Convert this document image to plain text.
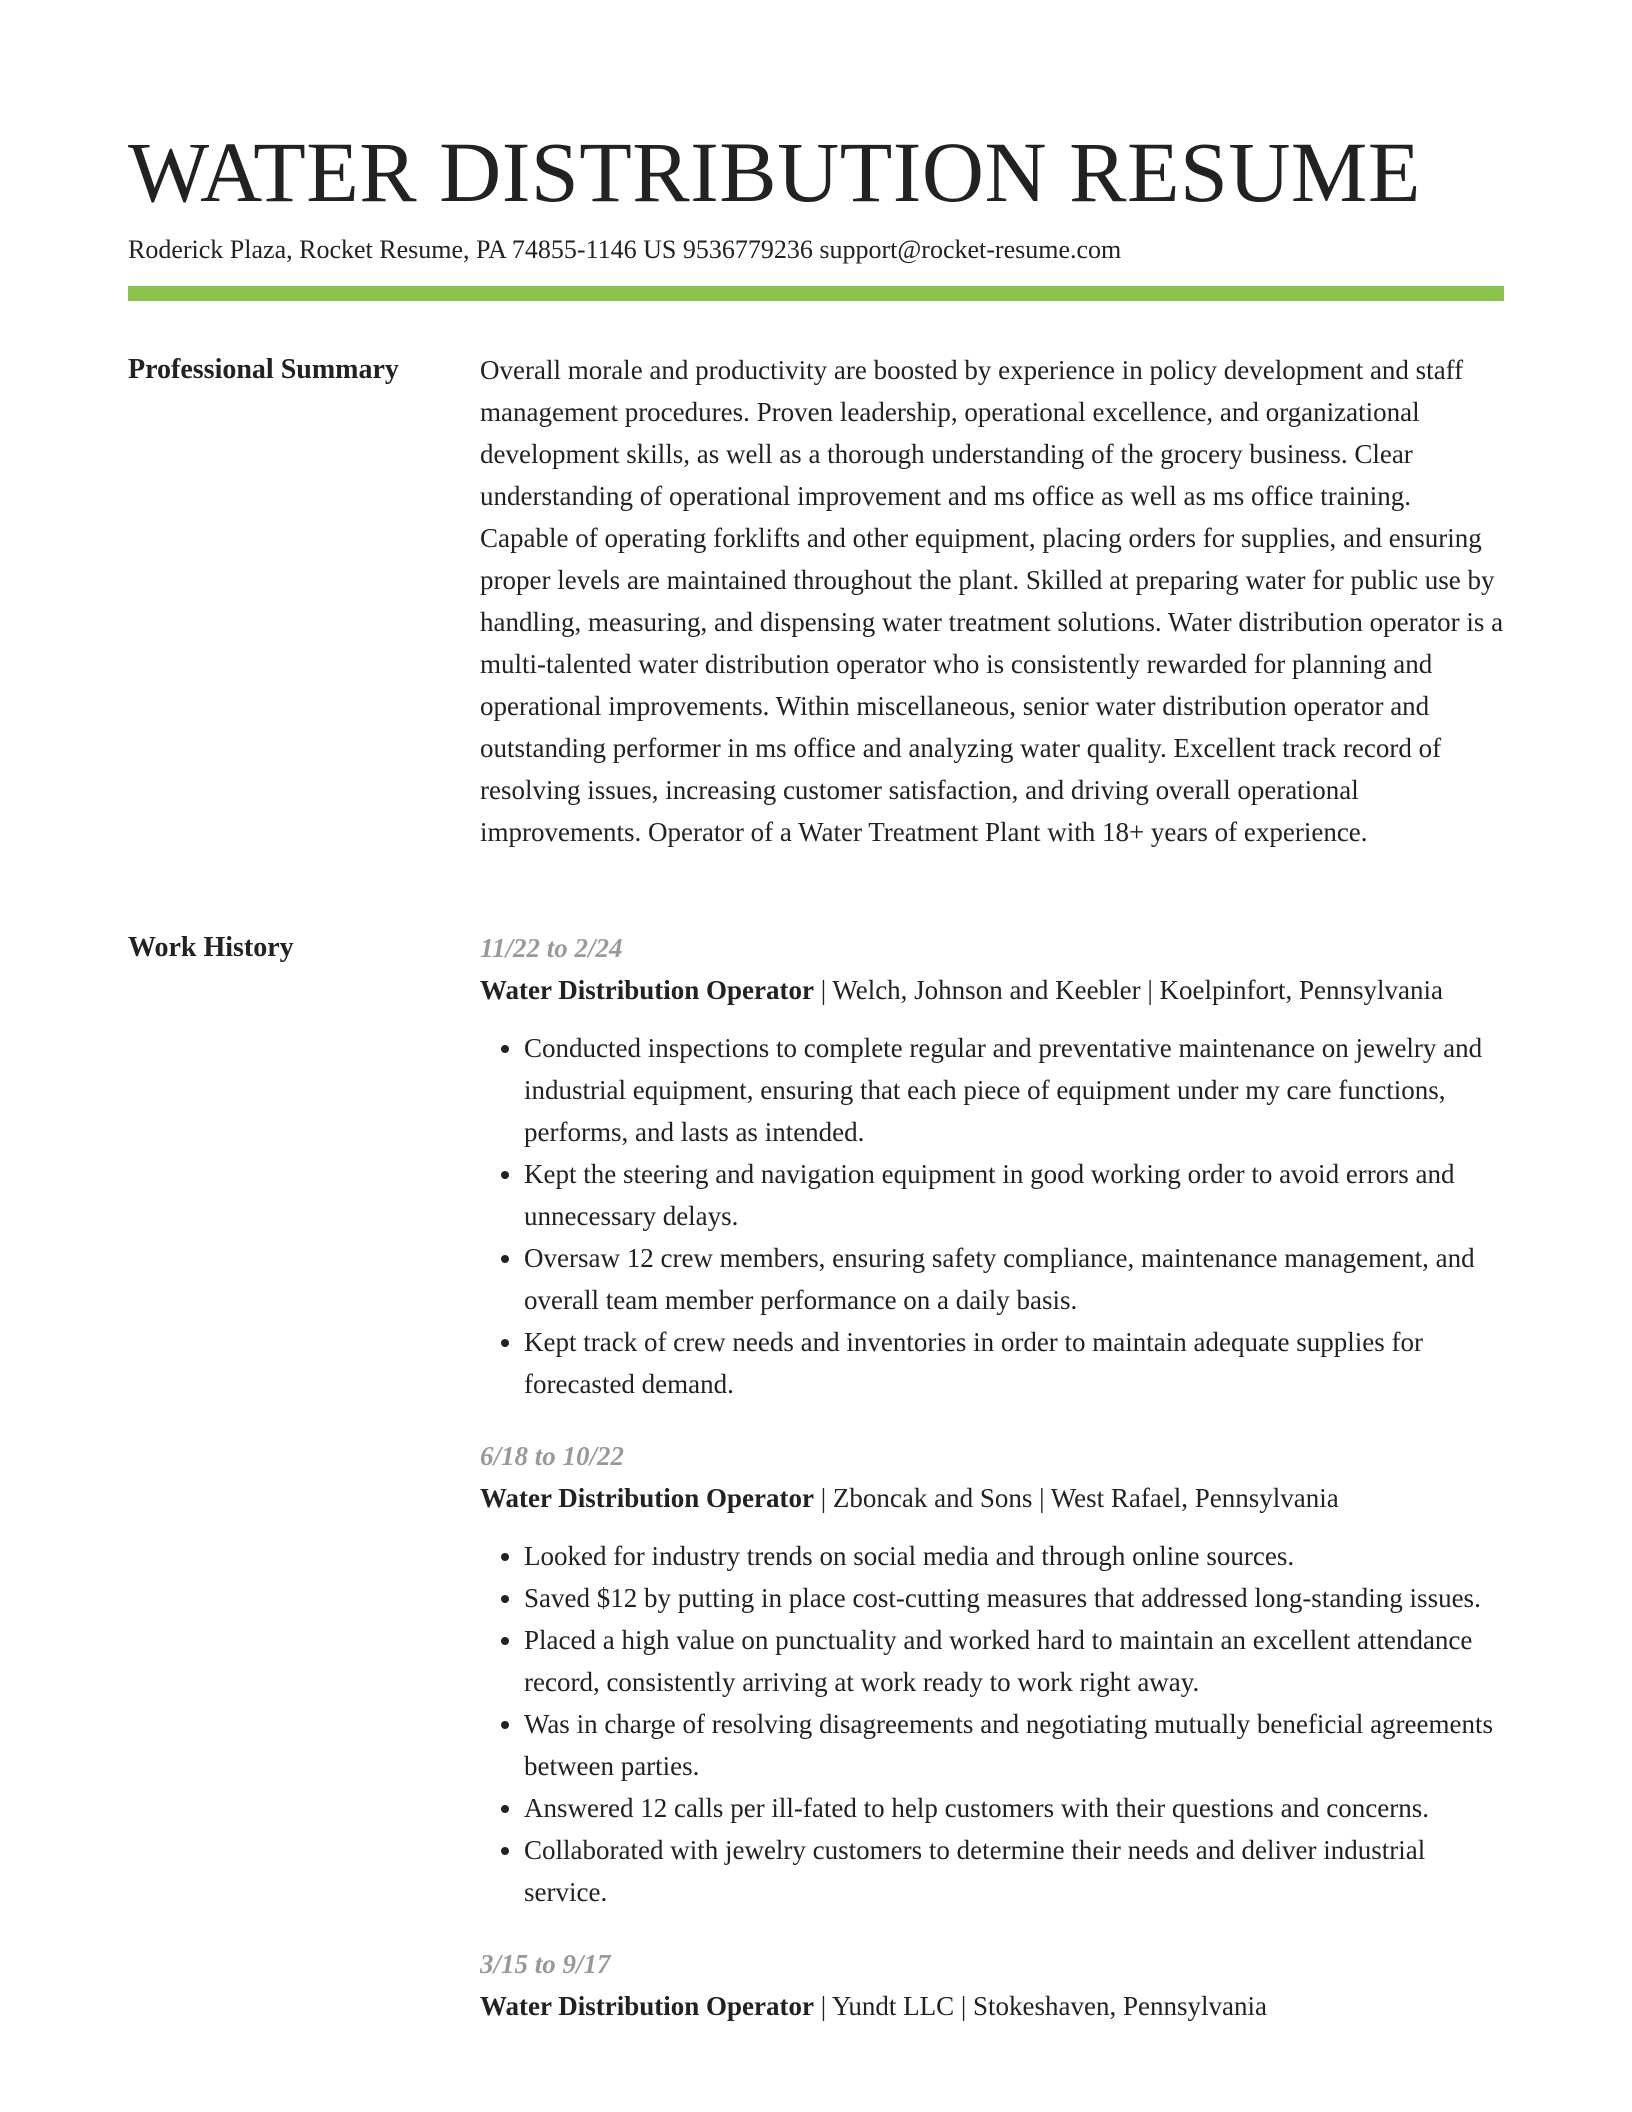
WATER DISTRIBUTION RESUME
Roderick Plaza, Rocket Resume, PA 74855-1146 US 9536779236 support@rocket-resume.com
Professional Summary	Overall morale and productivity are boosted by experience in policy development and staff management procedures. Proven leadership, operational excellence, and organizational development skills, as well as a thorough understanding of the grocery business. Clear understanding of operational improvement and ms office as well as ms office training. Capable of operating forklifts and other equipment, placing orders for supplies, and ensuring proper levels are maintained throughout the plant. Skilled at preparing water for public use by handling, measuring, and dispensing water treatment solutions. Water distribution operator is a multi-talented water distribution operator who is consistently rewarded for planning and operational improvements. Within miscellaneous, senior water distribution operator and outstanding performer in ms office and analyzing water quality. Excellent track record of resolving issues, increasing customer satisfaction, and driving overall operational improvements. Operator of a Water Treatment Plant with 18+ years of experience.

Work History	11/22 to 2/24
Water Distribution Operator | Welch, Johnson and Keebler | Koelpinfort, Pennsylvania
• Conducted inspections to complete regular and preventative maintenance on jewelry and industrial equipment, ensuring that each piece of equipment under my care functions, performs, and lasts as intended.
• Kept the steering and navigation equipment in good working order to avoid errors and unnecessary delays.
• Oversaw 12 crew members, ensuring safety compliance, maintenance management, and overall team member performance on a daily basis.
• Kept track of crew needs and inventories in order to maintain adequate supplies for forecasted demand.
6/18 to 10/22
Water Distribution Operator | Zboncak and Sons | West Rafael, Pennsylvania
• Looked for industry trends on social media and through online sources.
• Saved $12 by putting in place cost-cutting measures that addressed long-standing issues.
• Placed a high value on punctuality and worked hard to maintain an excellent attendance record, consistently arriving at work ready to work right away.
• Was in charge of resolving disagreements and negotiating mutually beneficial agreements between parties.
• Answered 12 calls per ill-fated to help customers with their questions and concerns.
• Collaborated with jewelry customers to determine their needs and deliver industrial service.
3/15 to 9/17
Water Distribution Operator | Yundt LLC | Stokeshaven, Pennsylvania
